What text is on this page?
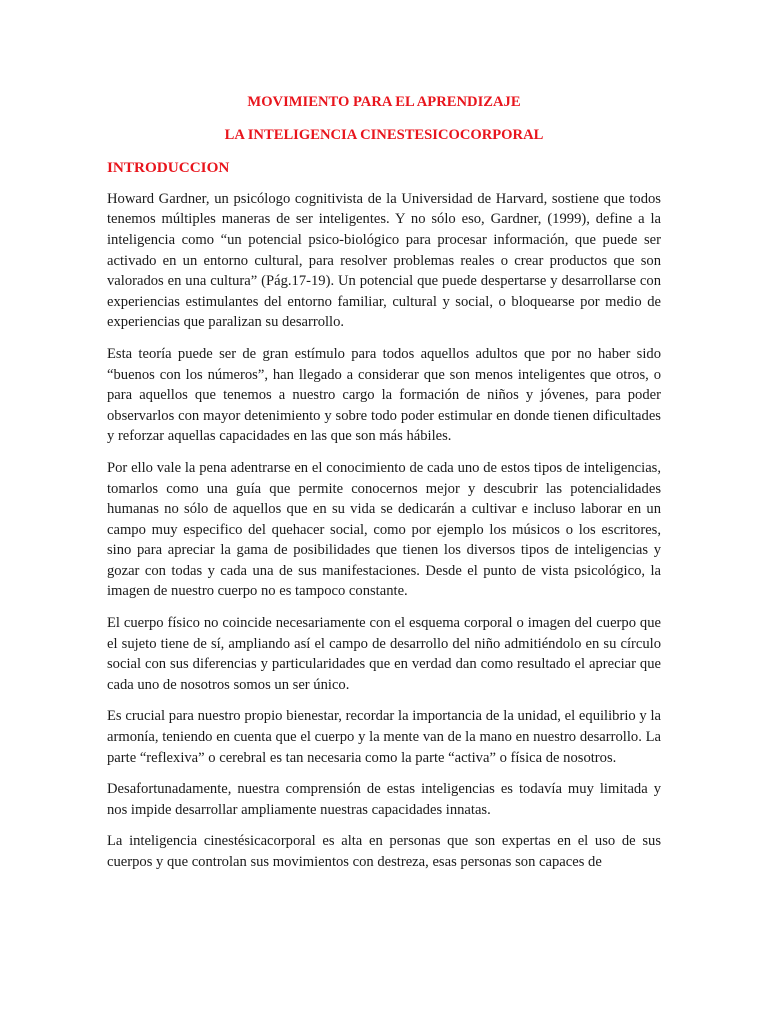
MOVIMIENTO PARA EL APRENDIZAJE

LA INTELIGENCIA CINESTESICOCORPORAL

INTRODUCCION

Howard Gardner, un psicólogo cognitivista de la Universidad de Harvard, sostiene que todos tenemos múltiples maneras de ser inteligentes. Y no sólo eso, Gardner, (1999), define a la inteligencia como “un potencial psico-biológico para procesar información, que puede ser activado en un entorno cultural, para resolver problemas reales o crear productos que son valorados en una cultura” (Pág.17-19). Un potencial que puede despertarse y desarrollarse con experiencias estimulantes del entorno familiar, cultural y social, o bloquearse por medio de experiencias que paralizan su desarrollo.

Esta teoría puede ser de gran estímulo para todos aquellos adultos que por no haber sido “buenos con los números”, han llegado a considerar que son menos inteligentes que otros, o para aquellos que tenemos a nuestro cargo la formación de niños y jóvenes, para poder observarlos con mayor detenimiento y sobre todo poder estimular en donde tienen dificultades y reforzar aquellas capacidades en las que son más hábiles.

Por ello vale la pena adentrarse en el conocimiento de cada uno de estos tipos de inteligencias, tomarlos como una guía que permite conocernos mejor y descubrir las potencialidades humanas no sólo de aquellos que en su vida se dedicarán a cultivar e incluso laborar en un campo muy especifico del quehacer social, como por ejemplo los músicos o los escritores, sino para apreciar la gama de posibilidades que tienen los diversos tipos de inteligencias y gozar con todas y cada una de sus manifestaciones. Desde el punto de vista psicológico, la imagen de nuestro cuerpo no es tampoco constante.

El cuerpo físico no coincide necesariamente con el esquema corporal o imagen del cuerpo que el sujeto tiene de sí, ampliando así el campo de desarrollo del niño admitiéndolo en su círculo social con sus diferencias y particularidades que en verdad dan como resultado el apreciar que cada uno de nosotros somos un ser único.

Es crucial para nuestro propio bienestar, recordar la importancia de la unidad, el equilibrio y la armonía, teniendo en cuenta que el cuerpo y la mente van de la mano en nuestro desarrollo. La parte “reflexiva” o cerebral es tan necesaria como la parte “activa” o física de nosotros.

Desafortunadamente, nuestra comprensión de estas inteligencias es todavía muy limitada y nos impide desarrollar ampliamente nuestras capacidades innatas.

La inteligencia cinestésicacorporal es alta en personas que son expertas en el uso de sus cuerpos y que controlan sus movimientos con destreza, esas personas son capaces de
